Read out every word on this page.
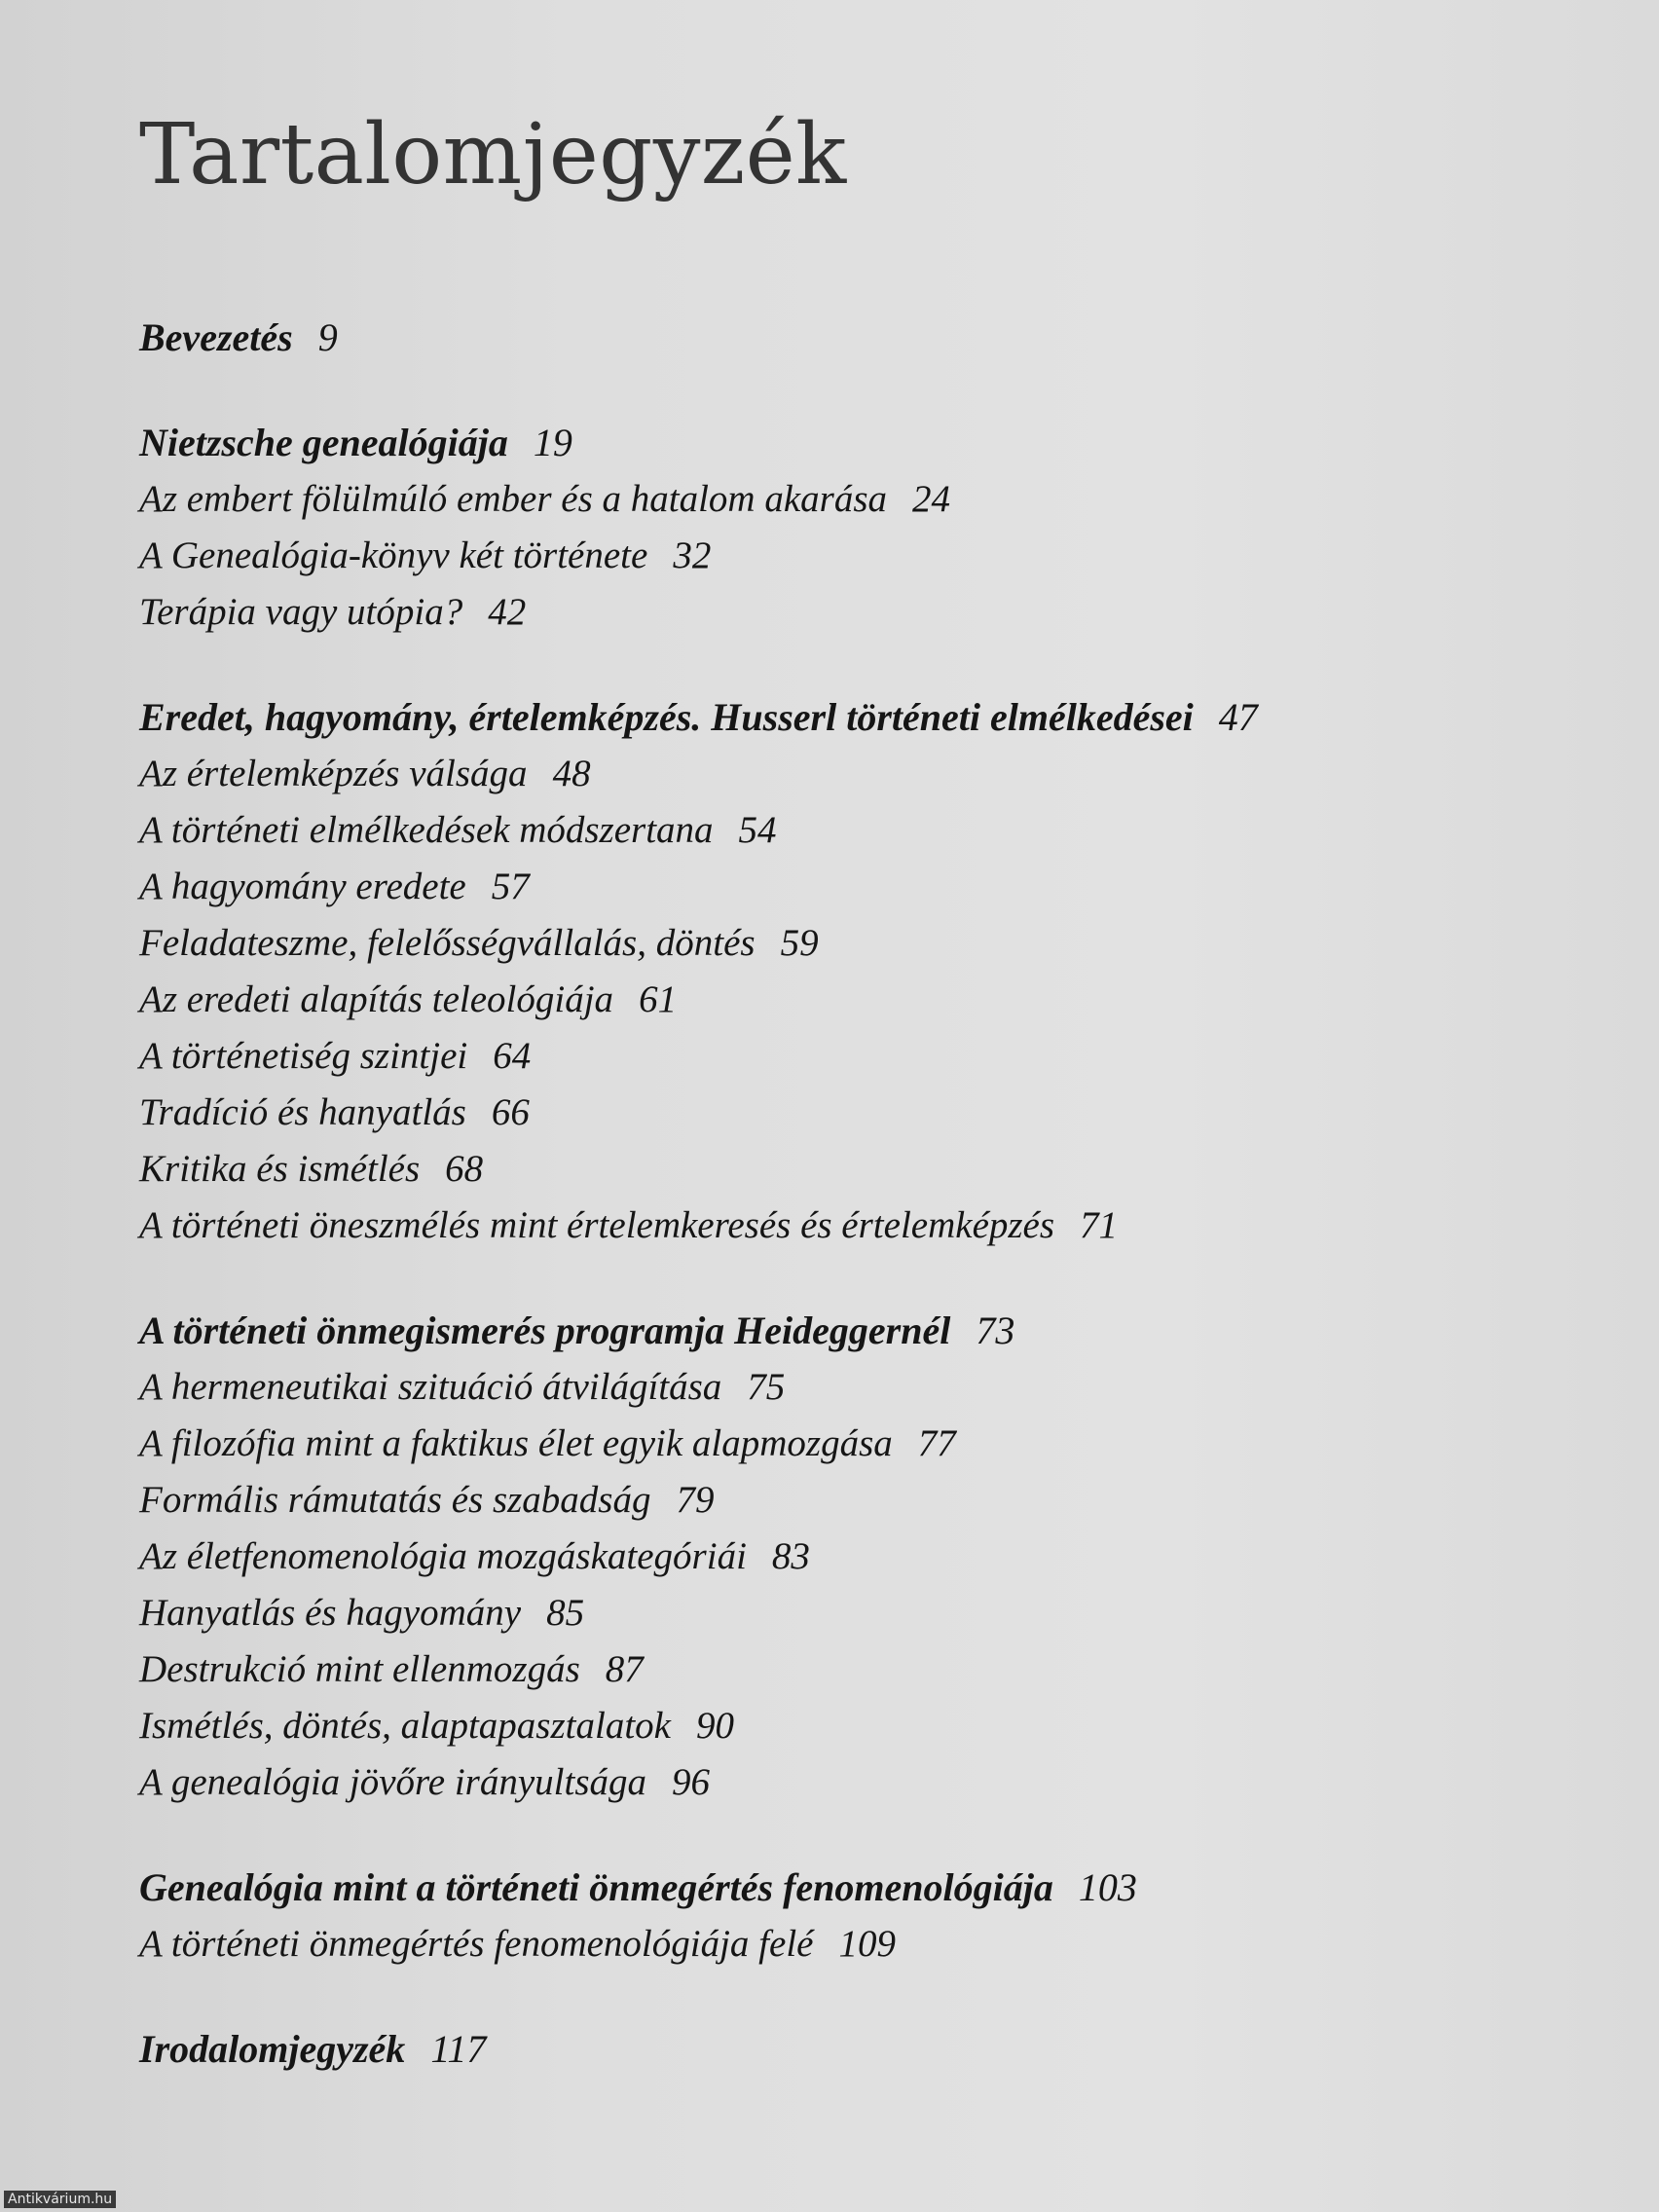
Tartalomjegyzék
Bevezetés 9
Nietzsche genealógiája 19
Az embert fölülmúló ember és a hatalom akarása 24
A Genealógia-könyv két története 32
Terápia vagy utópia? 42
Eredet, hagyomány, értelemképzés. Husserl történeti elmélkedései 47
Az értelemképzés válsága 48
A történeti elmélkedések módszertana 54
A hagyomány eredete 57
Feladateszme, felelősségvállalás, döntés 59
Az eredeti alapítás teleológiája 61
A történetiség szintjei 64
Tradíció és hanyatlás 66
Kritika és ismétlés 68
A történeti öneszmélés mint értelemkeresés és értelemképzés 71
A történeti önmegismerés programja Heideggernél 73
A hermeneutikai szituáció átvilágítása 75
A filozófia mint a faktikus élet egyik alapmozgása 77
Formális rámutatás és szabadság 79
Az életfenomenológia mozgáskategóriái 83
Hanyatlás és hagyomány 85
Destrukció mint ellenmozgás 87
Ismétlés, döntés, alaptapasztalatok 90
A genealógia jövőre irányultsága 96
Genealógia mint a történeti önmegértés fenomenológiája 103
A történeti önmegértés fenomenológiája felé 109
Irodalomjegyzék 117
Antikvárium.hu
